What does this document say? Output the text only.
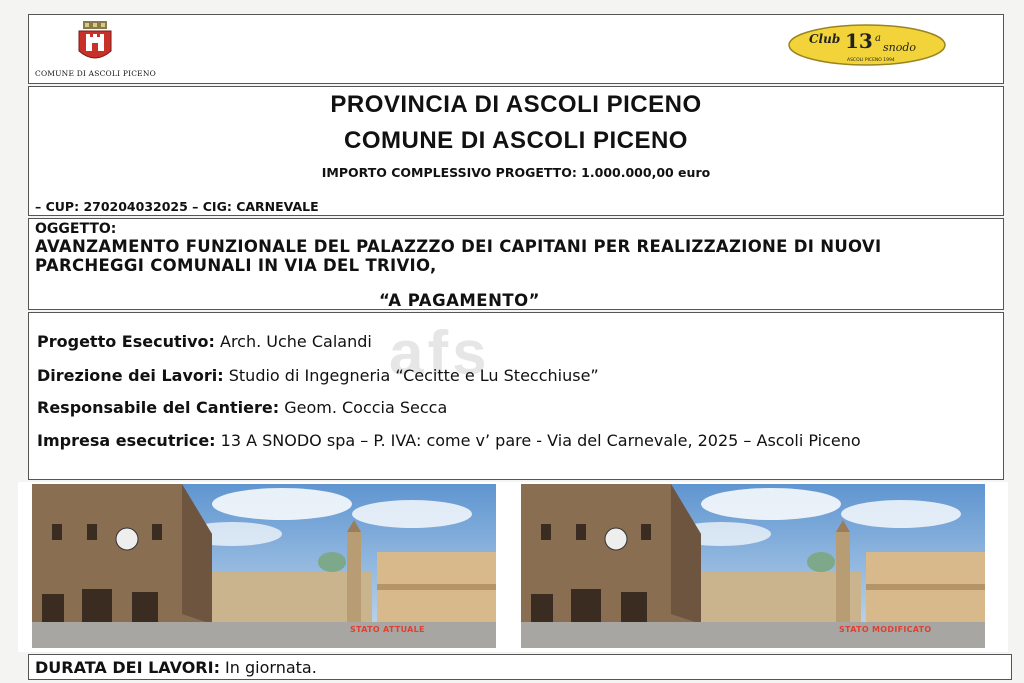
COMUNE DI ASCOLI PICENO
Club 13 a
snodo
ASCOLI PICENO 1994
PROVINCIA DI ASCOLI PICENO
COMUNE DI ASCOLI PICENO
IMPORTO COMPLESSIVO PROGETTO: 1.000.000,00 euro
– CUP: 270204032025 – CIG: CARNEVALE
OGGETTO:
AVANZAMENTO FUNZIONALE DEL PALAZZZO DEI CAPITANI PER REALIZZAZIONE DI NUOVI PARCHEGGI COMUNALI IN VIA DEL TRIVIO,
“A PAGAMENTO”
afs
Progetto Esecutivo: Arch. Uche Calandi
Direzione dei Lavori: Studio di Ingegneria “Cecitte e Lu Stecchiuse”
Responsabile del Cantiere: Geom. Coccia Secca
Impresa esecutrice: 13 A SNODO spa – P. IVA: come v’ pare - Via del Carnevale, 2025 – Ascoli Piceno
STATO ATTUALE	STATO MODIFICATO
DURATA DEI LAVORI: In giornata.
